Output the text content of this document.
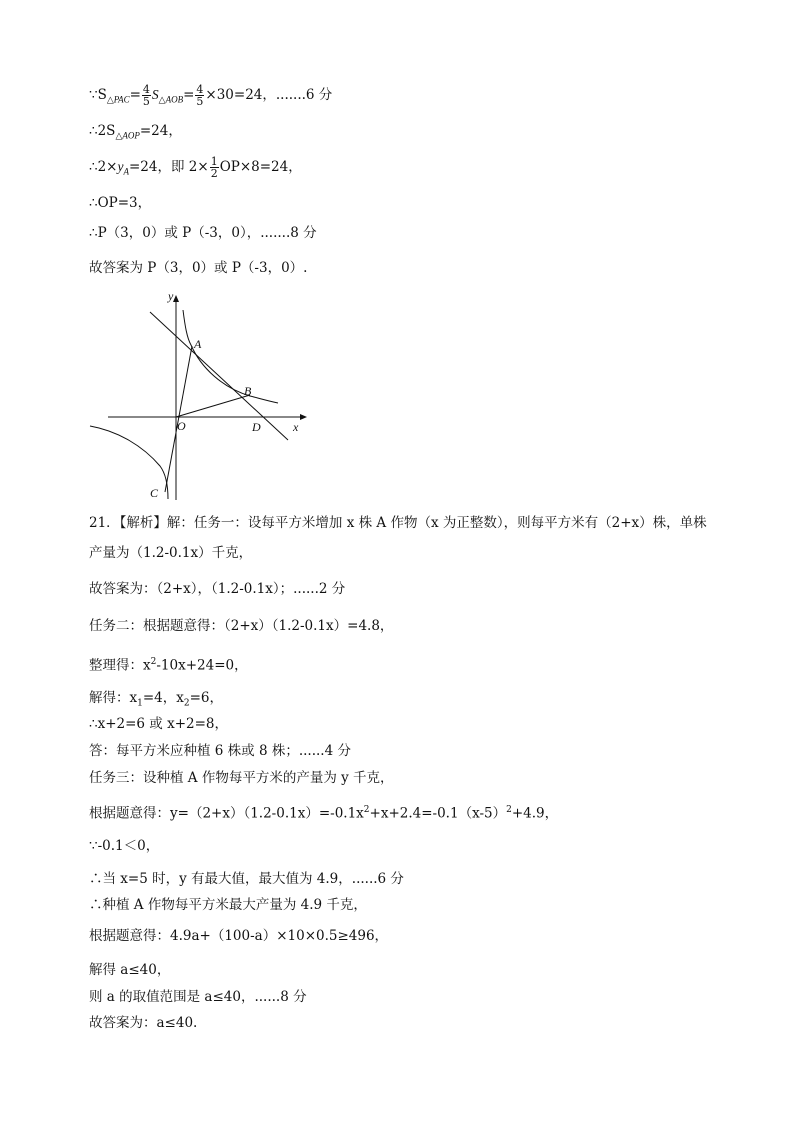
$\because S_{\triangle PAC}= \frac{4}{5} S_{\triangle AOB}= \frac{4}{5} \times 30=24$，.......6 分
$\therefore 2S_{\triangle AOP}=24$，
$\therefore 2\times y_A=24$，即 $2\times \frac{1}{2} OP\times 8=24$，
∴OP=3，
∴P（3，0）或 P（-3，0），.......8 分
故答案为 P（3，0）或 P（-3，0）.
y
x
A
B
O	D
C
21．【解析】解：任务一：设每平方米增加 x 株 A 作物（x 为正整数），则每平方米有（2+x）株，单株
产量为（1.2-0.1x）千克，
故答案为：（2+x），（1.2-0.1x）；......2 分
任务二：根据题意得：（2+x）（1.2-0.1x）=4.8，
整理得：$x^2-10x+24=0$，
解得：$x_1=4$，$x_2=6$，
∴x+2=6 或 x+2=8，
答：每平方米应种植 6 株或 8 株；......4 分
任务三：设种植 A 作物每平方米的产量为 y 千克，
根据题意得：$y=(2+x)(1.2-0.1x)=-0.1x^2+x+2.4=-0.1(x-5)^2+4.9$，
∵-0.1＜0，
∴当 x=5 时，y 有最大值，最大值为 4.9，......6 分
∴种植 A 作物每平方米最大产量为 4.9 千克，
根据题意得：4.9a+（100-a）×10×0.5≥496，
解得 a≤40，
则 a 的取值范围是 a≤40，......8 分
故答案为：a≤40.
